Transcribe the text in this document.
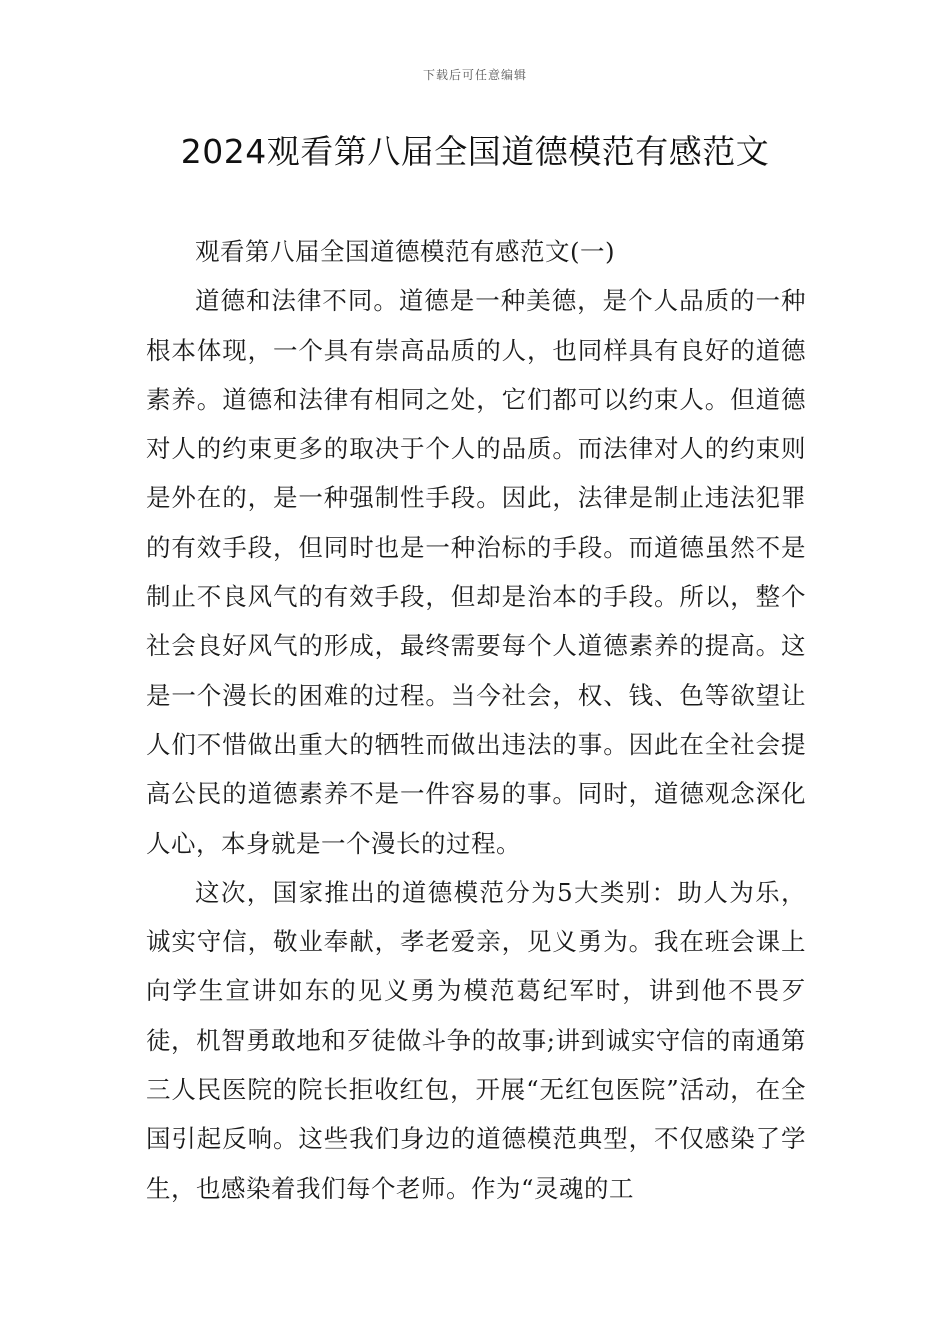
下载后可任意编辑
2024观看第八届全国道德模范有感范文

观看第八届全国道德模范有感范文(一)

道德和法律不同。道德是一种美德，是个人品质的一种根本体现，一个具有崇高品质的人，也同样具有良好的道德素养。道德和法律有相同之处，它们都可以约束人。但道德对人的约束更多的取决于个人的品质。而法律对人的约束则是外在的，是一种强制性手段。因此，法律是制止违法犯罪的有效手段，但同时也是一种治标的手段。而道德虽然不是制止不良风气的有效手段，但却是治本的手段。所以，整个社会良好风气的形成，最终需要每个人道德素养的提高。这是一个漫长的困难的过程。当今社会，权、钱、色等欲望让人们不惜做出重大的牺牲而做出违法的事。因此在全社会提高公民的道德素养不是一件容易的事。同时，道德观念深化人心，本身就是一个漫长的过程。

这次，国家推出的道德模范分为5大类别：助人为乐，诚实守信，敬业奉献，孝老爱亲，见义勇为。我在班会课上向学生宣讲如东的见义勇为模范葛纪军时，讲到他不畏歹徒，机智勇敢地和歹徒做斗争的故事;讲到诚实守信的南通第三人民医院的院长拒收红包，开展“无红包医院”活动，在全国引起反响。这些我们身边的道德模范典型，不仅感染了学生，也感染着我们每个老师。作为“灵魂的工
